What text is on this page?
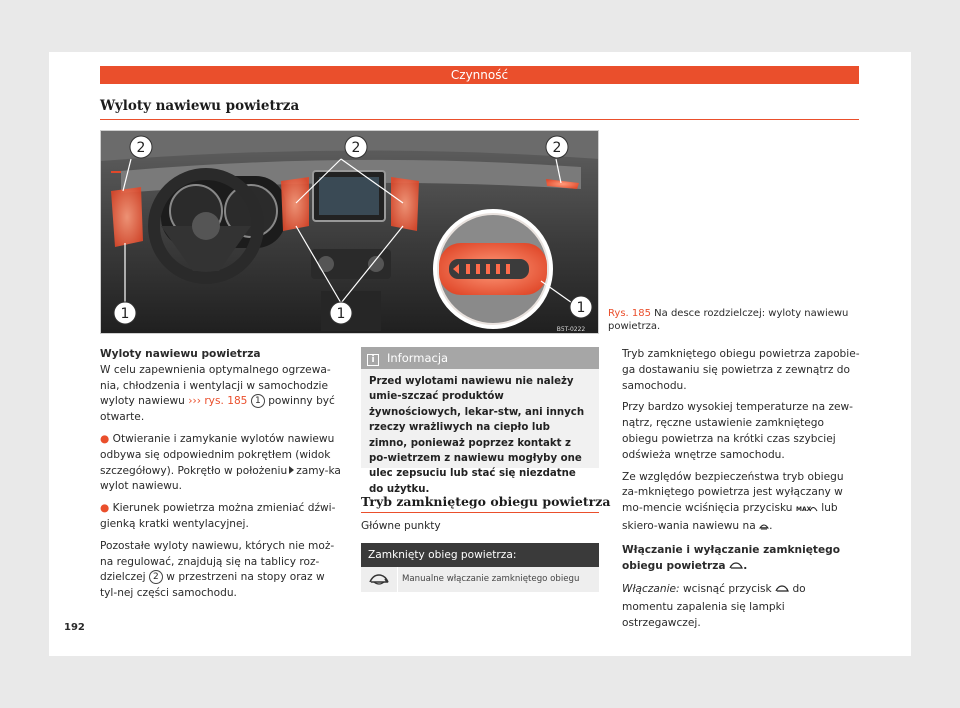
Czynność
Wyloty nawiewu powietrza
2	2	2
1	1	1
B5T-0222
Rys. 185 Na desce rozdzielczej: wyloty nawiewu powietrza.

Wyloty nawiewu powietrza
W celu zapewnienia optymalnego ogrzewa-nia, chłodzenia i wentylacji w samochodzie wyloty nawiewu ››› rys. 185 1 powinny być otwarte.

● Otwieranie i zamykanie wylotów nawiewu odbywa się odpowiednim pokrętłem (widok szczegółowy). Pokrętło w położeniu zamy-ka wylot nawiewu.

● Kierunek powietrza można zmieniać dźwi-gienką kratki wentylacyjnej.

Pozostałe wyloty nawiewu, których nie moż-na regulować, znajdują się na tablicy roz-dzielczej 2 w przestrzeni na stopy oraz w tyl-nej części samochodu.

i Informacja
Przed wylotami nawiewu nie należy umie-szczać produktów żywnościowych, lekar-stw, ani innych rzeczy wrażliwych na ciepło lub zimno, ponieważ poprzez kontakt z po-wietrzem z nawiewu mogłyby one ulec zepsuciu lub stać się niezdatne do użytku.
Tryb zamkniętego obiegu powietrza
Główne punkty
Zamknięty obieg powietrza:
Manualne włączanie zamkniętego obiegu

Tryb zamkniętego obiegu powietrza zapobie-ga dostawaniu się powietrza z zewnątrz do samochodu.

Przy bardzo wysokiej temperaturze na zew-nątrz, ręczne ustawienie zamkniętego obiegu powietrza na krótki czas szybciej odświeża wnętrze samochodu.

Ze względów bezpieczeństwa tryb obiegu za-mkniętego powietrza jest wyłączany w mo-mencie wciśnięcia przycisku MAX lub skiero-wania nawiewu na .

Włączanie i wyłączanie zamkniętego obiegu powietrza .

Włączanie: wcisnąć przycisk do momentu zapalenia się lampki ostrzegawczej.

192
